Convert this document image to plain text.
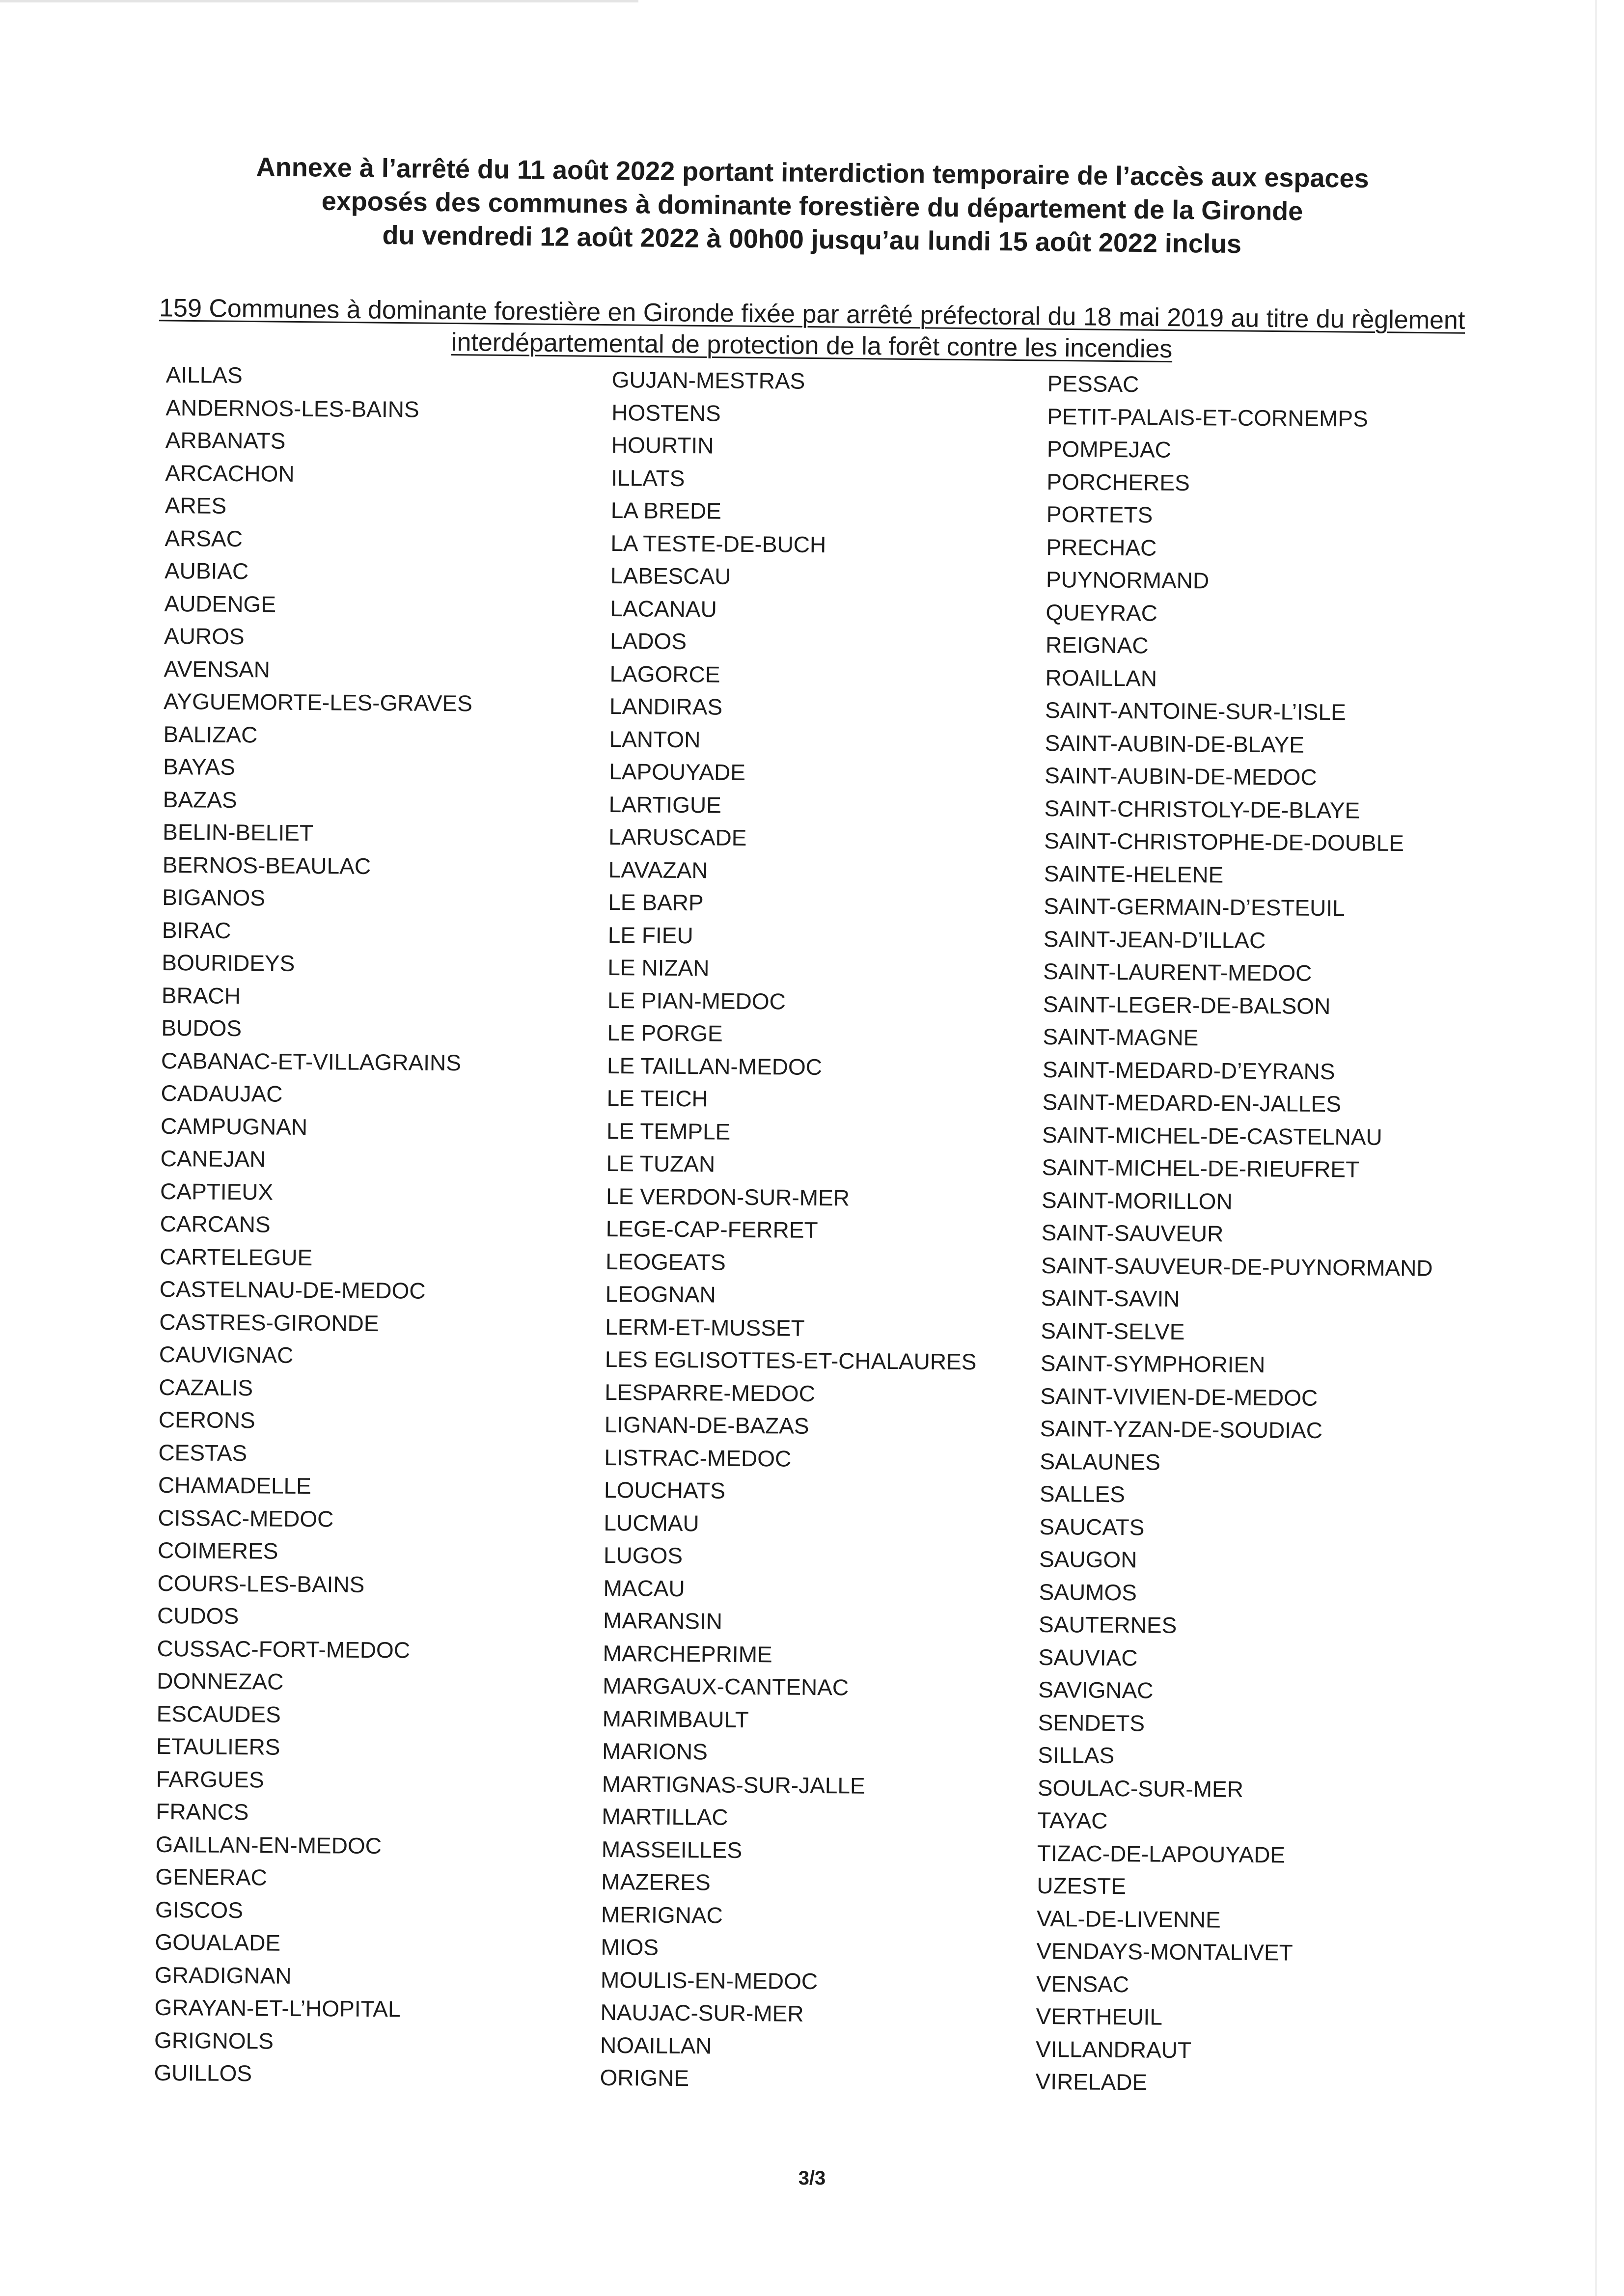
Annexe à l’arrêté du 11 août 2022 portant interdiction temporaire de l’accès aux espaces
exposés des communes à dominante forestière du département de la Gironde
du vendredi 12 août 2022 à 00h00 jusqu’au lundi 15 août 2022 inclus
159 Communes à dominante forestière en Gironde fixée par arrêté préfectoral du 18 mai 2019 au titre du règlement
interdépartemental de protection de la forêt contre les incendies
AILLAS
ANDERNOS-LES-BAINS
ARBANATS
ARCACHON
ARES
ARSAC
AUBIAC
AUDENGE
AUROS
AVENSAN
AYGUEMORTE-LES-GRAVES
BALIZAC
BAYAS
BAZAS
BELIN-BELIET
BERNOS-BEAULAC
BIGANOS
BIRAC
BOURIDEYS
BRACH
BUDOS
CABANAC-ET-VILLAGRAINS
CADAUJAC
CAMPUGNAN
CANEJAN
CAPTIEUX
CARCANS
CARTELEGUE
CASTELNAU-DE-MEDOC
CASTRES-GIRONDE
CAUVIGNAC
CAZALIS
CERONS
CESTAS
CHAMADELLE
CISSAC-MEDOC
COIMERES
COURS-LES-BAINS
CUDOS
CUSSAC-FORT-MEDOC
DONNEZAC
ESCAUDES
ETAULIERS
FARGUES
FRANCS
GAILLAN-EN-MEDOC
GENERAC
GISCOS
GOUALADE
GRADIGNAN
GRAYAN-ET-L’HOPITAL
GRIGNOLS
GUILLOS
GUJAN-MESTRAS
HOSTENS
HOURTIN
ILLATS
LA BREDE
LA TESTE-DE-BUCH
LABESCAU
LACANAU
LADOS
LAGORCE
LANDIRAS
LANTON
LAPOUYADE
LARTIGUE
LARUSCADE
LAVAZAN
LE BARP
LE FIEU
LE NIZAN
LE PIAN-MEDOC
LE PORGE
LE TAILLAN-MEDOC
LE TEICH
LE TEMPLE
LE TUZAN
LE VERDON-SUR-MER
LEGE-CAP-FERRET
LEOGEATS
LEOGNAN
LERM-ET-MUSSET
LES EGLISOTTES-ET-CHALAURES
LESPARRE-MEDOC
LIGNAN-DE-BAZAS
LISTRAC-MEDOC
LOUCHATS
LUCMAU
LUGOS
MACAU
MARANSIN
MARCHEPRIME
MARGAUX-CANTENAC
MARIMBAULT
MARIONS
MARTIGNAS-SUR-JALLE
MARTILLAC
MASSEILLES
MAZERES
MERIGNAC
MIOS
MOULIS-EN-MEDOC
NAUJAC-SUR-MER
NOAILLAN
ORIGNE
PESSAC
PETIT-PALAIS-ET-CORNEMPS
POMPEJAC
PORCHERES
PORTETS
PRECHAC
PUYNORMAND
QUEYRAC
REIGNAC
ROAILLAN
SAINT-ANTOINE-SUR-L’ISLE
SAINT-AUBIN-DE-BLAYE
SAINT-AUBIN-DE-MEDOC
SAINT-CHRISTOLY-DE-BLAYE
SAINT-CHRISTOPHE-DE-DOUBLE
SAINTE-HELENE
SAINT-GERMAIN-D’ESTEUIL
SAINT-JEAN-D’ILLAC
SAINT-LAURENT-MEDOC
SAINT-LEGER-DE-BALSON
SAINT-MAGNE
SAINT-MEDARD-D’EYRANS
SAINT-MEDARD-EN-JALLES
SAINT-MICHEL-DE-CASTELNAU
SAINT-MICHEL-DE-RIEUFRET
SAINT-MORILLON
SAINT-SAUVEUR
SAINT-SAUVEUR-DE-PUYNORMAND
SAINT-SAVIN
SAINT-SELVE
SAINT-SYMPHORIEN
SAINT-VIVIEN-DE-MEDOC
SAINT-YZAN-DE-SOUDIAC
SALAUNES
SALLES
SAUCATS
SAUGON
SAUMOS
SAUTERNES
SAUVIAC
SAVIGNAC
SENDETS
SILLAS
SOULAC-SUR-MER
TAYAC
TIZAC-DE-LAPOUYADE
UZESTE
VAL-DE-LIVENNE
VENDAYS-MONTALIVET
VENSAC
VERTHEUIL
VILLANDRAUT
VIRELADE
3/3
